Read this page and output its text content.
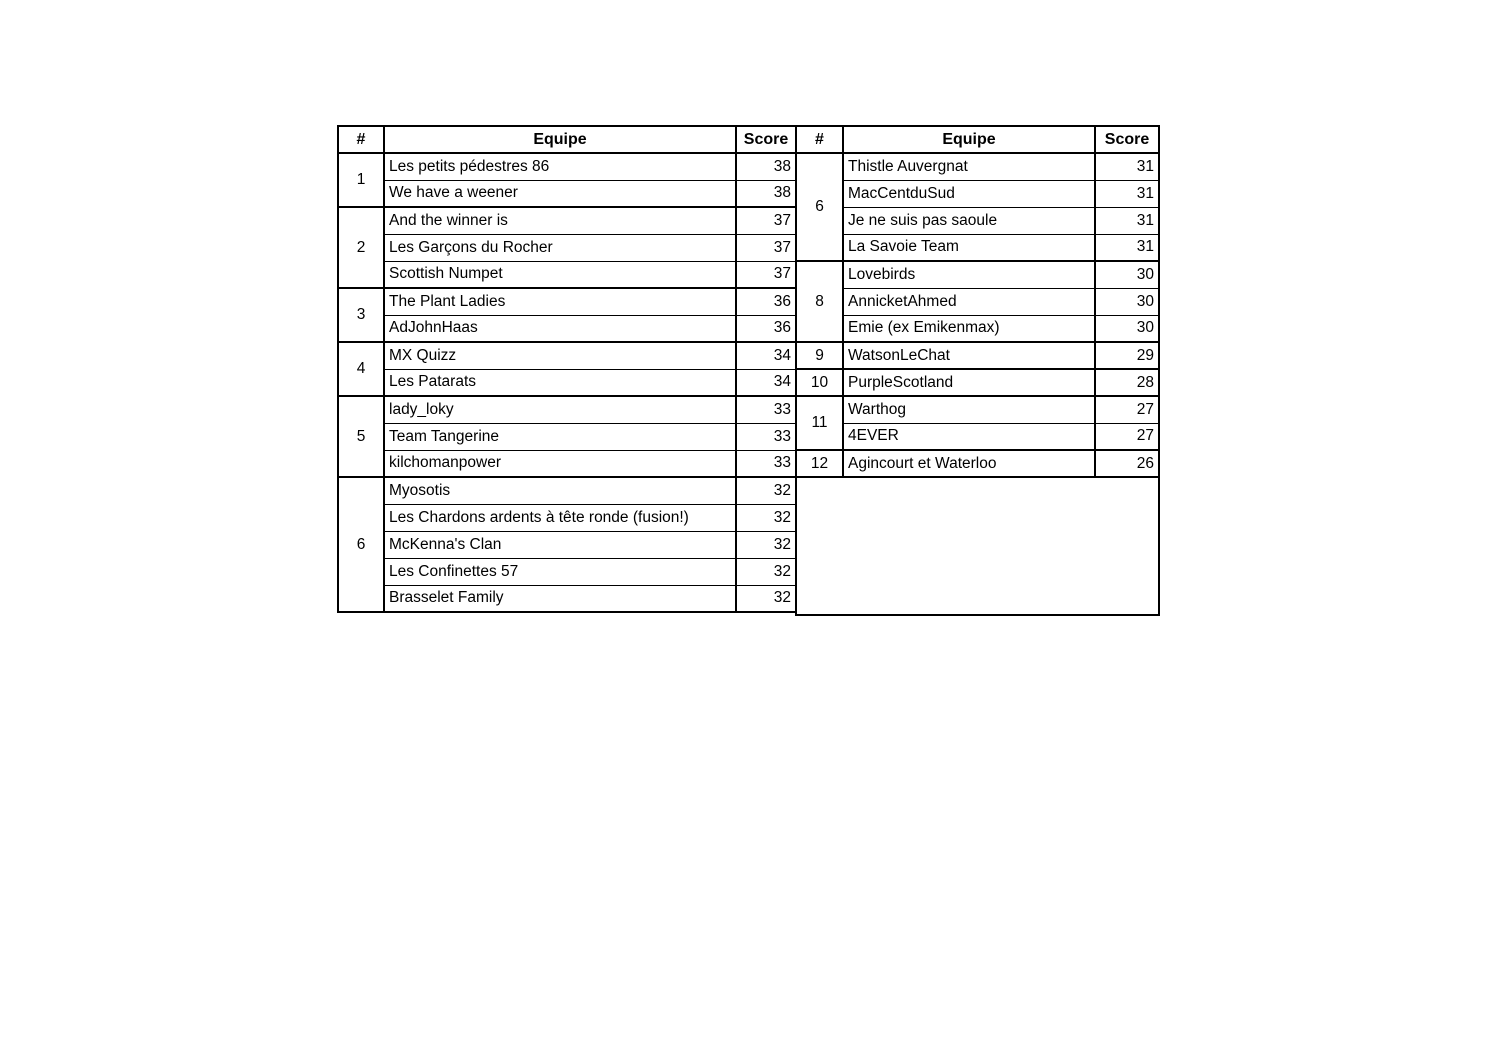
#	Equipe	Score
1	Les petits pédestres 86	38
	We have a weener	38
2	And the winner is	37
	Les Garçons du Rocher	37
	Scottish Numpet	37
3	The Plant Ladies	36
	AdJohnHaas	36
4	MX Quizz	34
	Les Patarats	34
5	lady_loky	33
	Team Tangerine	33
	kilchomanpower	33
6	Myosotis	32
	Les Chardons ardents à tête ronde (fusion!)	32
	McKenna's Clan	32
	Les Confinettes 57	32
	Brasselet Family	32
#	Equipe	Score
6	Thistle Auvergnat	31
	MacCentduSud	31
	Je ne suis pas saoule	31
	La Savoie Team	31
8	Lovebirds	30
	AnnicketAhmed	30
	Emie (ex Emikenmax)	30
9	WatsonLeChat	29
10	PurpleScotland	28
11	Warthog	27
	4EVER	27
12	Agincourt et Waterloo	26
